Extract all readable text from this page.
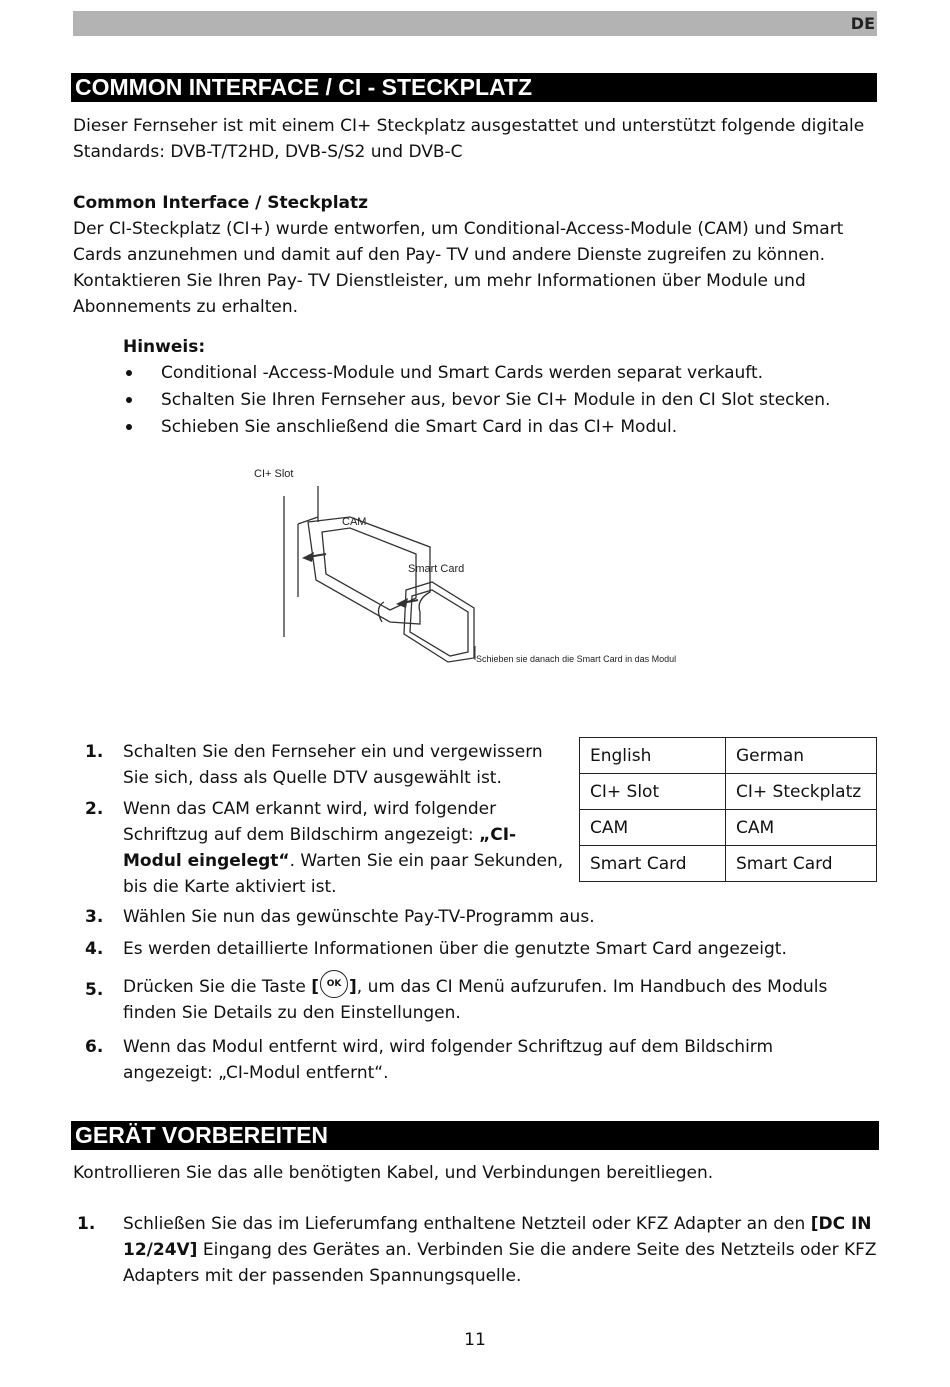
DE
COMMON INTERFACE / CI - STECKPLATZ

Dieser Fernseher ist mit einem CI+ Steckplatz ausgestattet und unterstützt folgende digitale

Standards: DVB-T/T2HD, DVB-S/S2 und DVB-C

Common Interface / Steckplatz

Der CI-Steckplatz (CI+) wurde entworfen, um Conditional-Access-Module (CAM) und Smart

Cards anzunehmen und damit auf den Pay- TV und andere Dienste zugreifen zu können.

Kontaktieren Sie Ihren Pay- TV Dienstleister, um mehr Informationen über Module und

Abonnements zu erhalten.

Hinweis:
Conditional -Access-Module und Smart Cards werden separat verkauft.
Schalten Sie Ihren Fernseher aus, bevor Sie CI+ Module in den CI Slot stecken.
Schieben Sie anschließend die Smart Card in das CI+ Modul.
CI+ Slot
CAM
Smart Card
Schieben sie danach die Smart Card in das Modul
1. Schalten Sie den Fernseher ein und vergewissern
Sie sich, dass als Quelle DTV ausgewählt ist.
2. Wenn das CAM erkannt wird, wird folgender
Schriftzug auf dem Bildschirm angezeigt: „CI-
Modul eingelegt“. Warten Sie ein paar Sekunden,
bis die Karte aktiviert ist.
English	German
CI+ Slot	CI+ Steckplatz
CAM	CAM
Smart Card	Smart Card
3. Wählen Sie nun das gewünschte Pay-TV-Programm aus.
4. Es werden detaillierte Informationen über die genutzte Smart Card angezeigt.
5. Drücken Sie die Taste [ OK ], um das CI Menü aufzurufen. Im Handbuch des Moduls
finden Sie Details zu den Einstellungen.
6. Wenn das Modul entfernt wird, wird folgender Schriftzug auf dem Bildschirm
angezeigt: „CI-Modul entfernt“.
GERÄT VORBEREITEN

Kontrollieren Sie das alle benötigten Kabel, und Verbindungen bereitliegen.

1. Schließen Sie das im Lieferumfang enthaltene Netzteil oder KFZ Adapter an den [DC IN
12/24V] Eingang des Gerätes an. Verbinden Sie die andere Seite des Netzteils oder KFZ
Adapters mit der passenden Spannungsquelle.
11
